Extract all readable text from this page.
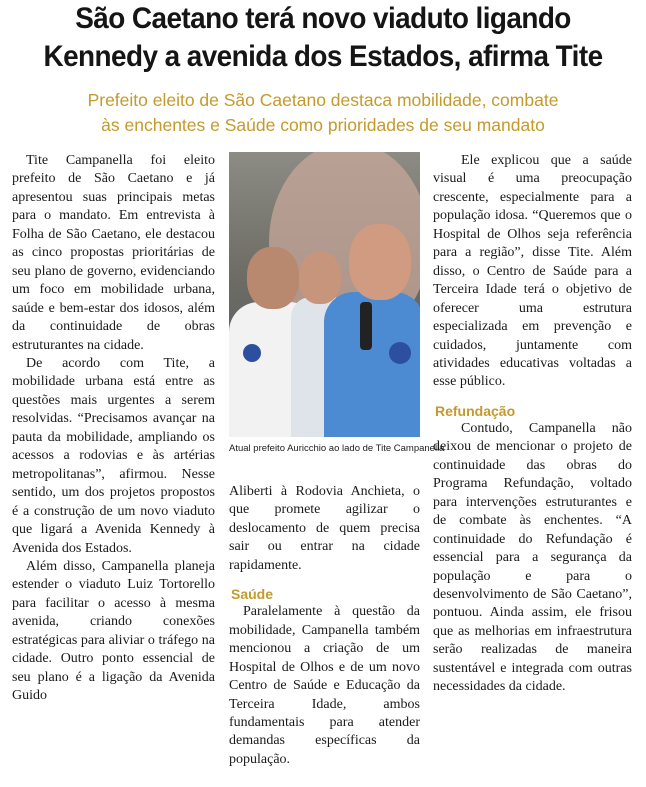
São Caetano terá novo viaduto ligando
Kennedy a avenida dos Estados, afirma Tite
Prefeito eleito de São Caetano destaca mobilidade, combate
às enchentes e Saúde como prioridades de seu mandato

Tite Campanella foi eleito prefeito de São Caetano e já apresentou suas principais metas para o mandato. Em entrevista à Folha de São Caetano, ele destacou as cinco propostas prioritárias de seu plano de governo, evidenciando um foco em mobilidade urbana, saúde e bem-estar dos idosos, além da continuidade de obras estruturantes na cidade.

De acordo com Tite, a mobilidade urbana está entre as questões mais urgentes a serem resolvidas. “Precisamos avançar na pauta da mobilidade, ampliando os acessos a rodovias e às artérias metropolitanas”, afirmou. Nesse sentido, um dos projetos propostos é a construção de um novo viaduto que ligará a Avenida Kennedy à Avenida dos Estados.

Além disso, Campanella planeja estender o viaduto Luiz Tortorello para facilitar o acesso à mesma avenida, criando conexões estratégicas para aliviar o tráfego na cidade. Outro ponto essencial de seu plano é a ligação da Avenida Guido

Atual prefeito Auricchio ao lado de Tite Campanella

Aliberti à Rodovia Anchieta, o que promete agilizar o deslocamento de quem precisa sair ou entrar na cidade rapidamente.

Saúde

Paralelamente à questão da mobilidade, Campanella também mencionou a criação de um Hospital de Olhos e de um novo Centro de Saúde e Educação da Terceira Idade, ambos fundamentais para atender demandas específicas da população.

Ele explicou que a saúde visual é uma preocupação crescente, especialmente para a população idosa. “Queremos que o Hospital de Olhos seja referência para a região”, disse Tite. Além disso, o Centro de Saúde para a Terceira Idade terá o objetivo de oferecer uma estrutura especializada em prevenção e cuidados, juntamente com atividades educativas voltadas a esse público.

Refundação

Contudo, Campanella não deixou de mencionar o projeto de continuidade das obras do Programa Refundação, voltado para intervenções estruturantes e de combate às enchentes. “A continuidade do Refundação é essencial para a segurança da população e para o desenvolvimento de São Caetano”, pontuou. Ainda assim, ele frisou que as melhorias em infraestrutura serão realizadas de maneira sustentável e integrada com outras necessidades da cidade.
